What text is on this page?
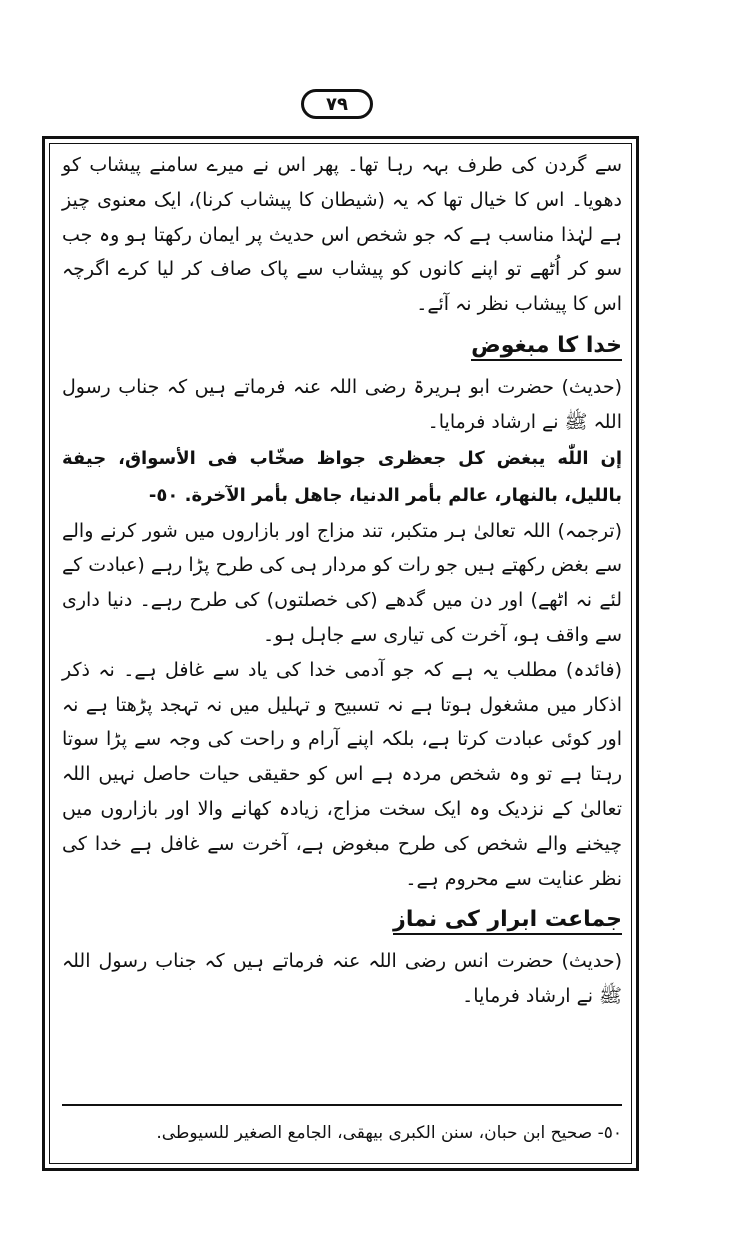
٧٩

سے گردن کی طرف بہہ رہا تھا۔ پھر اس نے میرے سامنے پیشاب کو دھویا۔ اس کا خیال تھا کہ یہ (شیطان کا پیشاب کرنا)، ایک معنوی چیز ہے لہٰذا مناسب ہے کہ جو شخص اس حدیث پر ایمان رکھتا ہو وہ جب سو کر اُٹھے تو اپنے کانوں کو پیشاب سے پاک صاف کر لیا کرے اگرچہ اس کا پیشاب نظر نہ آئے۔

خدا کا مبغوض

(حدیث) حضرت ابو ہریرۃ رضی اللہ عنہ فرماتے ہیں کہ جناب رسول اللہ ﷺ نے ارشاد فرمایا۔

إن اللّٰه يبغض كل جعظرى جواظ صخّاب فى الأسواق، جيفة بالليل، بالنهار، عالم بأمر الدنيا، جاهل بأمر الآخرة. ٥٠-

(ترجمہ) اللہ تعالیٰ ہر متکبر، تند مزاج اور بازاروں میں شور کرنے والے سے بغض رکھتے ہیں جو رات کو مردار ہی کی طرح پڑا رہے (عبادت کے لئے نہ اٹھے) اور دن میں گدھے (کی خصلتوں) کی طرح رہے۔ دنیا داری سے واقف ہو، آخرت کی تیاری سے جاہل ہو۔

(فائدہ) مطلب یہ ہے کہ جو آدمی خدا کی یاد سے غافل ہے۔ نہ ذکر اذکار میں مشغول ہوتا ہے نہ تسبیح و تہلیل میں نہ تہجد پڑھتا ہے نہ اور کوئی عبادت کرتا ہے، بلکہ اپنے آرام و راحت کی وجہ سے پڑا سوتا رہتا ہے تو وہ شخص مردہ ہے اس کو حقیقی حیات حاصل نہیں اللہ تعالیٰ کے نزدیک وہ ایک سخت مزاج، زیادہ کھانے والا اور بازاروں میں چیخنے والے شخص کی طرح مبغوض ہے، آخرت سے غافل ہے خدا کی نظر عنایت سے محروم ہے۔

جماعت ابرار کی نماز

(حدیث) حضرت انس رضی اللہ عنہ فرماتے ہیں کہ جناب رسول اللہ ﷺ نے ارشاد فرمایا۔

٥٠- صحيح ابن حبان، سنن الكبرى بيهقى، الجامع الصغير للسيوطى.
